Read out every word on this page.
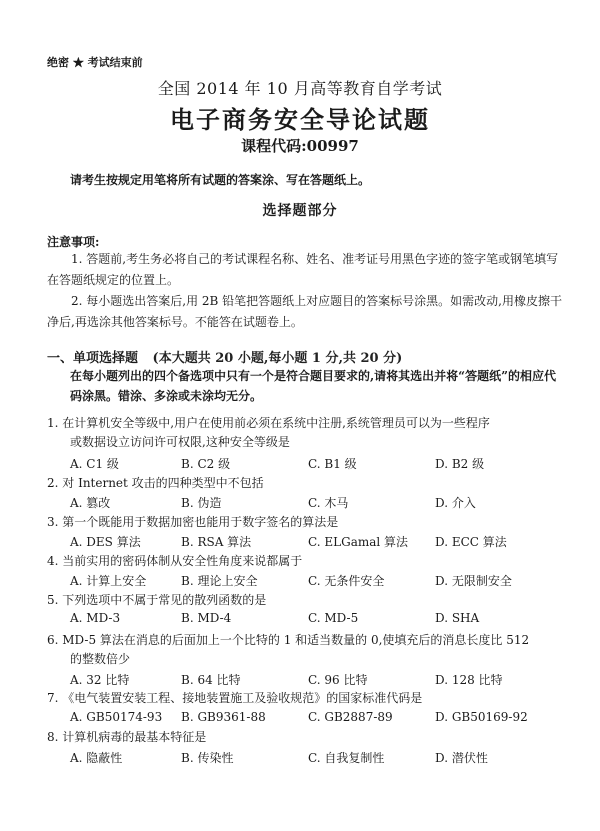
绝密 ★ 考试结束前
全国 2014 年 10 月高等教育自学考试
电子商务安全导论试题
课程代码:00997
请考生按规定用笔将所有试题的答案涂、写在答题纸上。
选择题部分
注意事项:
1. 答题前,考生务必将自己的考试课程名称、姓名、准考证号用黑色字迹的签字笔或钢笔填写在答题纸规定的位置上。
2. 每小题选出答案后,用 2B 铅笔把答题纸上对应题目的答案标号涂黑。如需改动,用橡皮擦干净后,再选涂其他答案标号。不能答在试题卷上。
一、单项选择题 (本大题共 20 小题,每小题 1 分,共 20 分)
在每小题列出的四个备选项中只有一个是符合题目要求的,请将其选出并将“答题纸”的相应代码涂黑。错涂、多涂或未涂均无分。
1. 在计算机安全等级中,用户在使用前必须在系统中注册,系统管理员可以为一些程序
或数据设立访问许可权限,这种安全等级是
A. C1 级	B. C2 级	C. B1 级	D. B2 级
2. 对 Internet 攻击的四种类型中不包括
A. 篡改	B. 伪造	C. 木马	D. 介入
3. 第一个既能用于数据加密也能用于数字签名的算法是
A. DES 算法	B. RSA 算法	C. ELGamal 算法 D. ECC 算法
4. 当前实用的密码体制从安全性角度来说都属于
A. 计算上安全	B. 理论上安全	C. 无条件安全	D. 无限制安全
5. 下列选项中不属于常见的散列函数的是
A. MD-3	B. MD-4	C. MD-5	D. SHA
6. MD-5 算法在消息的后面加上一个比特的 1 和适当数量的 0,使填充后的消息长度比 512
的整数倍少
A. 32 比特	B. 64 比特	C. 96 比特	D. 128 比特
7. 《电气装置安装工程、接地装置施工及验收规范》的国家标准代码是
A. GB50174-93 B. GB9361-88	C. GB2887-89	D. GB50169-92
8. 计算机病毒的最基本特征是
A. 隐蔽性	B. 传染性	C. 自我复制性	D. 潜伏性
